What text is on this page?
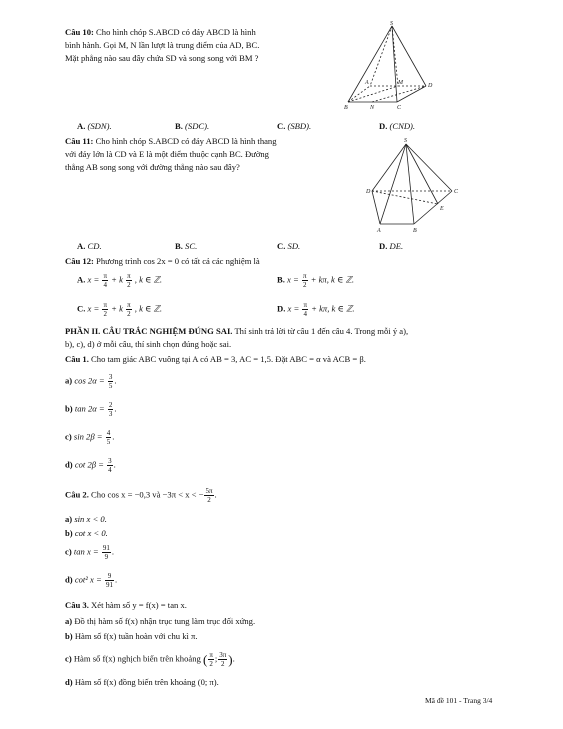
Câu 10: Cho hình chóp S.ABCD có đáy ABCD là hình
bình hành. Gọi M, N lần lượt là trung điểm của AD, BC.
Mặt phẳng nào sau đây chứa SD và song song với BM ?
S
A	M	D
B	N	C
A. (SDN).	B. (SDC).	C. (SBD).	D. (CND).
Câu 11: Cho hình chóp S.ABCD có đáy ABCD là hình thang
với đáy lớn là CD và E là một điểm thuộc cạnh BC. Đường
thẳng AB song song với đường thẳng nào sau đây?
S
D	C
E
A	B
A. CD.	B. SC.	C. SD.	D. DE.
Câu 12: Phương trình cos 2x = 0 có tất cả các nghiệm là
A. $x = \frac{\pi}{4} + k \frac{\pi}{2}$ , k ∈ ℤ.	B. $x = \frac{\pi}{2} + k\pi$, k ∈ ℤ.
C. $x = \frac{\pi}{2} + k \frac{\pi}{2}$ , k ∈ ℤ.	D. $x = \frac{\pi}{4} + k\pi$, k ∈ ℤ.
PHẦN II. CÂU TRẮC NGHIỆM ĐÚNG SAI. Thí sinh trả lời từ câu 1 đến câu 4. Trong mỗi ý a),
b), c), d) ở mỗi câu, thí sinh chọn đúng hoặc sai.
Câu 1. Cho tam giác ABC vuông tại A có AB = 3, AC = 1,5. Đặt ABC = α và ACB = β.
a) $\cos 2\alpha = \frac{3}{5}$ .
b) $\tan 2\alpha = \frac{2}{3}$ .
c) $\sin 2\beta = \frac{4}{5}$ .
d) $\cot 2\beta = \frac{3}{4}$ .
Câu 2. Cho cos x = −0,3 và −3π < x < − $\frac{5\pi}{2}$ .
a) sin x < 0.
b) cot x < 0.
c) $\tan x = \frac{91}{9}$ .
d) cot² $x = \frac{9}{91}$ .
Câu 3. Xét hàm số y = f(x) = tan x.
a) Đồ thị hàm số f(x) nhận trục tung làm trục đối xứng.
b) Hàm số f(x) tuần hoàn với chu kì π.
c) Hàm số f(x) nghịch biến trên khoảng ( $\frac{\pi}{2}$ ; $\frac{3\pi}{2}$ ).
d) Hàm số f(x) đồng biến trên khoảng (0; π).
Mã đề 101 - Trang 3/4
